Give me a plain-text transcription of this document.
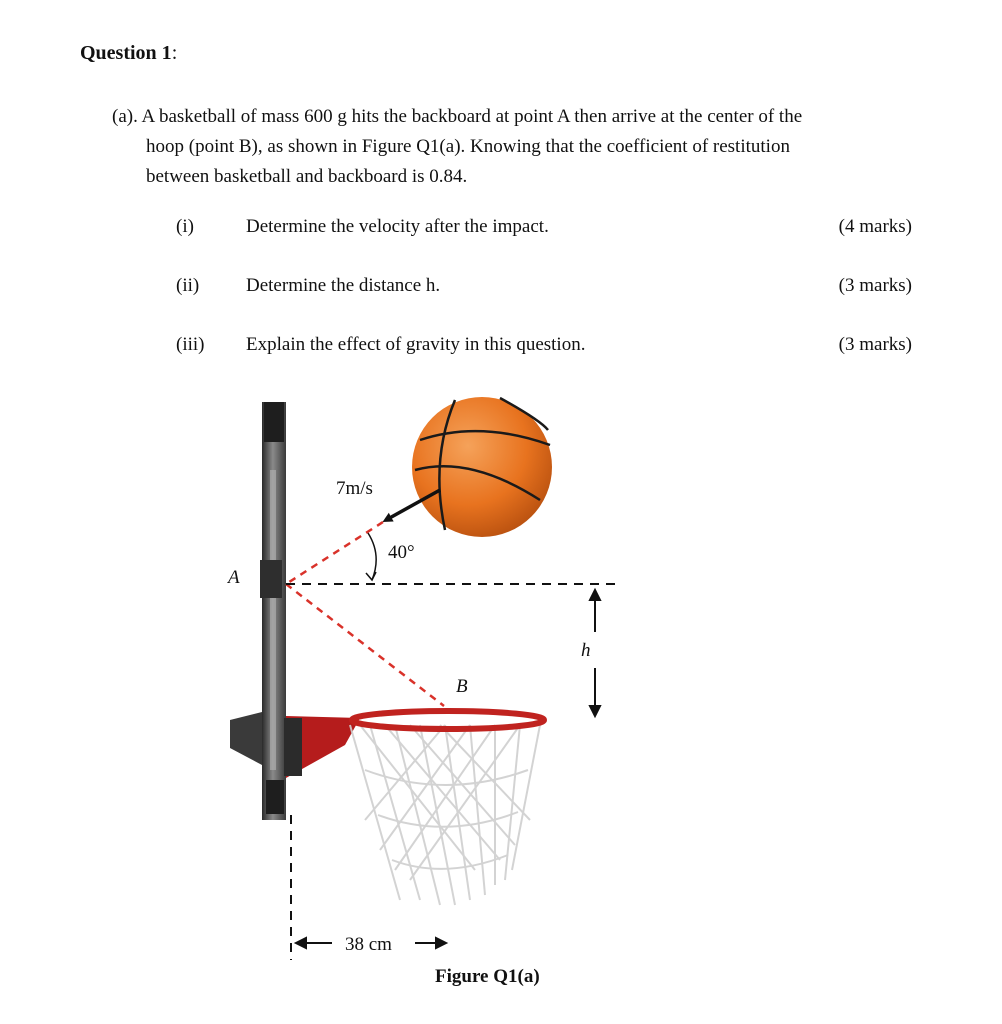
Question 1:
(a). A basketball of mass 600 g hits the backboard at point A then arrive at the center of the
hoop (point B), as shown in Figure Q1(a). Knowing that the coefficient of restitution
between basketball and backboard is 0.84.
(i)	Determine the velocity after the impact.	(4 marks)
(ii) Determine the distance h.	(3 marks)
(iii) Explain the effect of gravity in this question.	(3 marks)
7m/s
40°
A
B
h
38 cm
Figure Q1(a)
